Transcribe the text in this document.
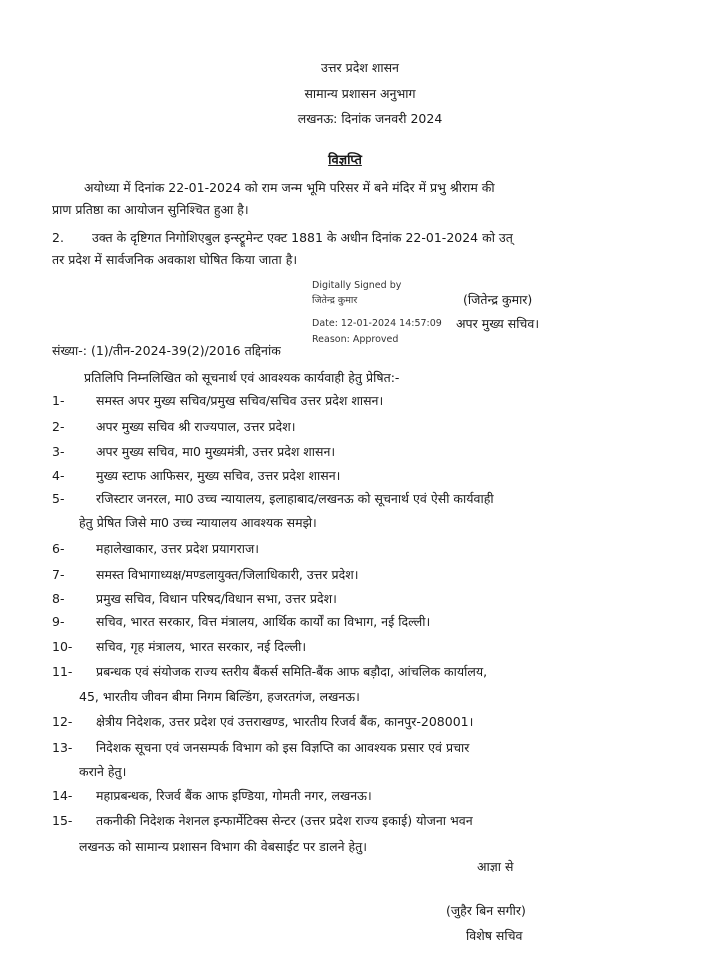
उत्तर प्रदेश शासन
सामान्य प्रशासन अनुभाग
लखनऊ: दिनांक जनवरी 2024
विज्ञप्ति
अयोध्या में दिनांक 22-01-2024 को राम जन्म भूमि परिसर में बने मंदिर में प्रभु श्रीराम की
प्राण प्रतिष्ठा का आयोजन सुनिश्चित हुआ है।
2. उक्त के दृष्टिगत निगोशिएबुल इन्स्ट्रूमेन्ट एक्ट 1881 के अधीन दिनांक 22-01-2024 को उत्
तर प्रदेश में सार्वजनिक अवकाश घोषित किया जाता है।
Digitally Signed by
जितेन्द्र कुमार	(जितेन्द्र कुमार)
Date: 12-01-2024 14:57:09 अपर मुख्य सचिव।
Reason: Approved
संख्या-: (1)/तीन-2024-39(2)/2016 तद्दिनांक
प्रतिलिपि निम्नलिखित को सूचनार्थ एवं आवश्यक कार्यवाही हेतु प्रेषित:-
1-	समस्त अपर मुख्य सचिव/प्रमुख सचिव/सचिव उत्तर प्रदेश शासन।
2-	अपर मुख्य सचिव श्री राज्यपाल, उत्तर प्रदेश।
3-	अपर मुख्य सचिव, मा0 मुख्यमंत्री, उत्तर प्रदेश शासन।
4-	मुख्य स्टाफ आफिसर, मुख्य सचिव, उत्तर प्रदेश शासन।
5-	रजिस्टार जनरल, मा0 उच्च न्यायालय, इलाहाबाद/लखनऊ को सूचनार्थ एवं ऐसी कार्यवाही
हेतु प्रेषित जिसे मा0 उच्च न्यायालय आवश्यक समझे।
6-	महालेखाकार, उत्तर प्रदेश प्रयागराज।
7-	समस्त विभागाध्यक्ष/मण्डलायुक्त/जिलाधिकारी, उत्तर प्रदेश।
8-	प्रमुख सचिव, विधान परिषद/विधान सभा, उत्तर प्रदेश।
9-	सचिव, भारत सरकार, वित्त मंत्रालय, आर्थिक कार्यों का विभाग, नई दिल्ली।
10- सचिव, गृह मंत्रालय, भारत सरकार, नई दिल्ली।
11- प्रबन्धक एवं संयोजक राज्य स्तरीय बैंकर्स समिति-बैंक आफ बड़ौदा, आंचलिक कार्यालय,
45, भारतीय जीवन बीमा निगम बिल्डिंग, हजरतगंज, लखनऊ।
12- क्षेत्रीय निदेशक, उत्तर प्रदेश एवं उत्तराखण्ड, भारतीय रिजर्व बैंक, कानपुर-208001।
13- निदेशक सूचना एवं जनसम्पर्क विभाग को इस विज्ञप्ति का आवश्यक प्रसार एवं प्रचार
कराने हेतु।
14- महाप्रबन्धक, रिजर्व बैंक आफ इण्डिया, गोमती नगर, लखनऊ।
15- तकनीकी निदेशक नेशनल इन्फार्मेटिक्स सेन्टर (उत्तर प्रदेश राज्य इकाई) योजना भवन
लखनऊ को सामान्य प्रशासन विभाग की वेबसाईट पर डालने हेतु।
आज्ञा से
(जुहैर बिन सगीर)
विशेष सचिव
